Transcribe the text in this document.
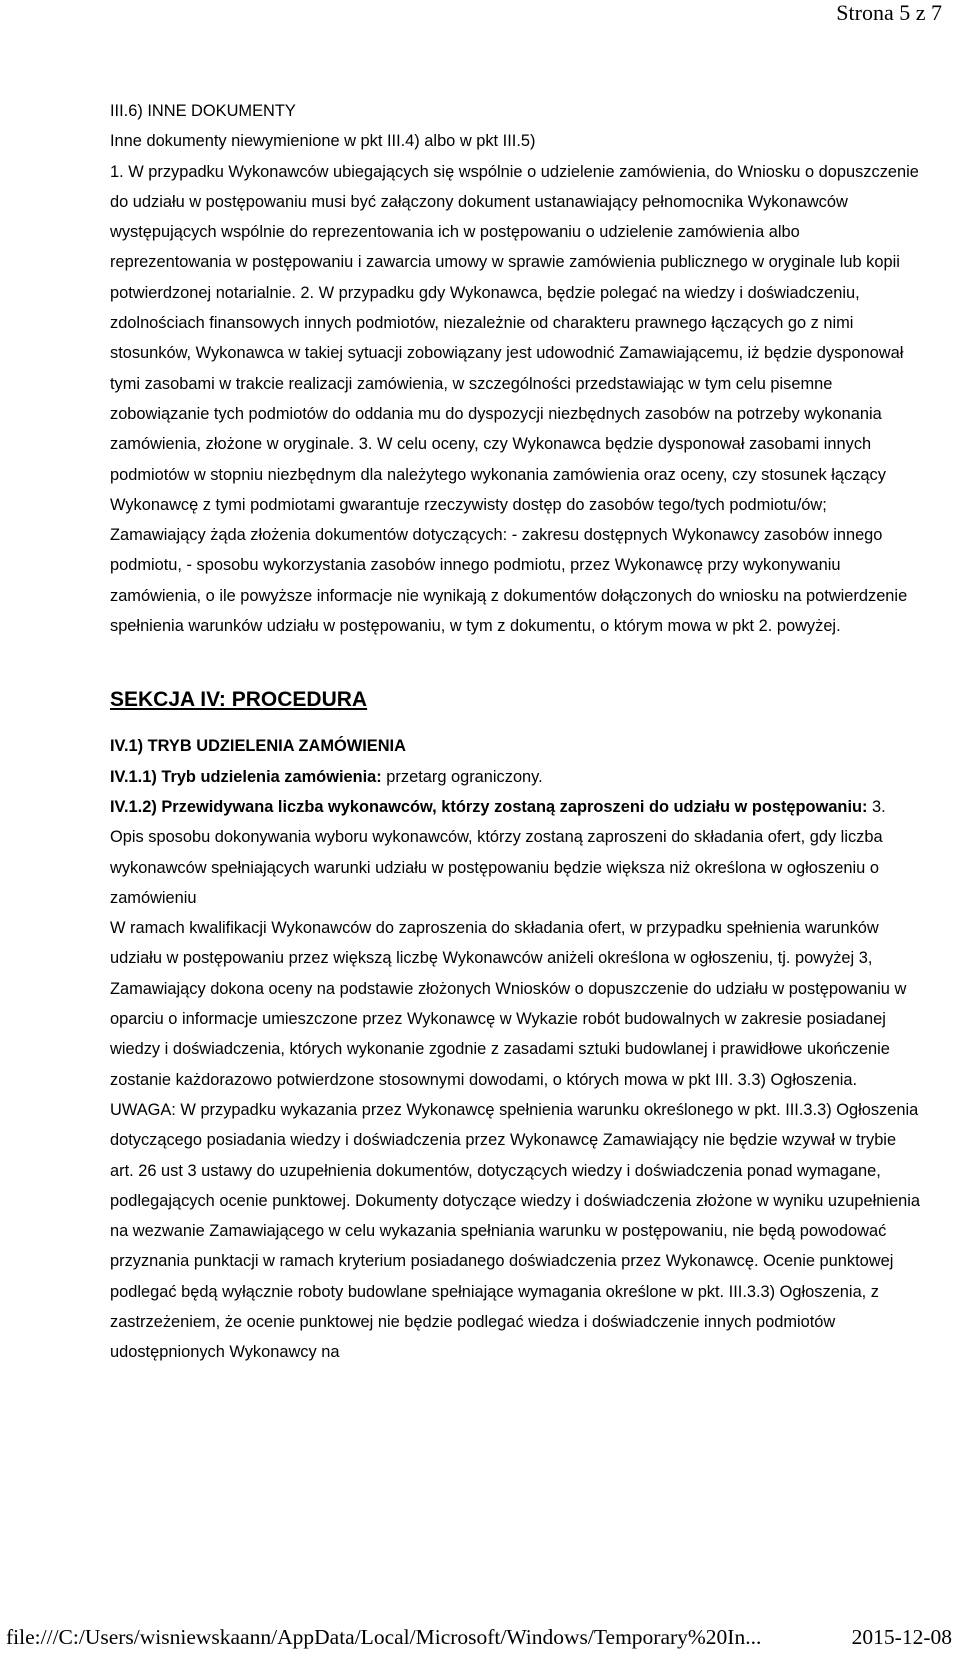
Strona 5 z 7

III.6) INNE DOKUMENTY

Inne dokumenty niewymienione w pkt III.4) albo w pkt III.5)

1. W przypadku Wykonawców ubiegających się wspólnie o udzielenie zamówienia, do Wniosku o dopuszczenie do udziału w postępowaniu musi być załączony dokument ustanawiający pełnomocnika Wykonawców występujących wspólnie do reprezentowania ich w postępowaniu o udzielenie zamówienia albo reprezentowania w postępowaniu i zawarcia umowy w sprawie zamówienia publicznego w oryginale lub kopii potwierdzonej notarialnie. 2. W przypadku gdy Wykonawca, będzie polegać na wiedzy i doświadczeniu, zdolnościach finansowych innych podmiotów, niezależnie od charakteru prawnego łączących go z nimi stosunków, Wykonawca w takiej sytuacji zobowiązany jest udowodnić Zamawiającemu, iż będzie dysponował tymi zasobami w trakcie realizacji zamówienia, w szczególności przedstawiając w tym celu pisemne zobowiązanie tych podmiotów do oddania mu do dyspozycji niezbędnych zasobów na potrzeby wykonania zamówienia, złożone w oryginale. 3. W celu oceny, czy Wykonawca będzie dysponował zasobami innych podmiotów w stopniu niezbędnym dla należytego wykonania zamówienia oraz oceny, czy stosunek łączący Wykonawcę z tymi podmiotami gwarantuje rzeczywisty dostęp do zasobów tego/tych podmiotu/ów; Zamawiający żąda złożenia dokumentów dotyczących: - zakresu dostępnych Wykonawcy zasobów innego podmiotu, - sposobu wykorzystania zasobów innego podmiotu, przez Wykonawcę przy wykonywaniu zamówienia, o ile powyższe informacje nie wynikają z dokumentów dołączonych do wniosku na potwierdzenie spełnienia warunków udziału w postępowaniu, w tym z dokumentu, o którym mowa w pkt 2. powyżej.

SEKCJA IV: PROCEDURA

IV.1) TRYB UDZIELENIA ZAMÓWIENIA

IV.1.1) Tryb udzielenia zamówienia: przetarg ograniczony.

IV.1.2) Przewidywana liczba wykonawców, którzy zostaną zaproszeni do udziału w postępowaniu: 3.

Opis sposobu dokonywania wyboru wykonawców, którzy zostaną zaproszeni do składania ofert, gdy liczba wykonawców spełniających warunki udziału w postępowaniu będzie większa niż określona w ogłoszeniu o zamówieniu

W ramach kwalifikacji Wykonawców do zaproszenia do składania ofert, w przypadku spełnienia warunków udziału w postępowaniu przez większą liczbę Wykonawców aniżeli określona w ogłoszeniu, tj. powyżej 3, Zamawiający dokona oceny na podstawie złożonych Wniosków o dopuszczenie do udziału w postępowaniu w oparciu o informacje umieszczone przez Wykonawcę w Wykazie robót budowalnych w zakresie posiadanej wiedzy i doświadczenia, których wykonanie zgodnie z zasadami sztuki budowlanej i prawidłowe ukończenie zostanie każdorazowo potwierdzone stosownymi dowodami, o których mowa w pkt III. 3.3) Ogłoszenia. UWAGA: W przypadku wykazania przez Wykonawcę spełnienia warunku określonego w pkt. III.3.3) Ogłoszenia dotyczącego posiadania wiedzy i doświadczenia przez Wykonawcę Zamawiający nie będzie wzywał w trybie art. 26 ust 3 ustawy do uzupełnienia dokumentów, dotyczących wiedzy i doświadczenia ponad wymagane, podlegających ocenie punktowej. Dokumenty dotyczące wiedzy i doświadczenia złożone w wyniku uzupełnienia na wezwanie Zamawiającego w celu wykazania spełniania warunku w postępowaniu, nie będą powodować przyznania punktacji w ramach kryterium posiadanego doświadczenia przez Wykonawcę. Ocenie punktowej podlegać będą wyłącznie roboty budowlane spełniające wymagania określone w pkt. III.3.3) Ogłoszenia, z zastrzeżeniem, że ocenie punktowej nie będzie podlegać wiedza i doświadczenie innych podmiotów udostępnionych Wykonawcy na

file:///C:/Users/wisniewskaann/AppData/Local/Microsoft/Windows/Temporary%20In...	2015-12-08
